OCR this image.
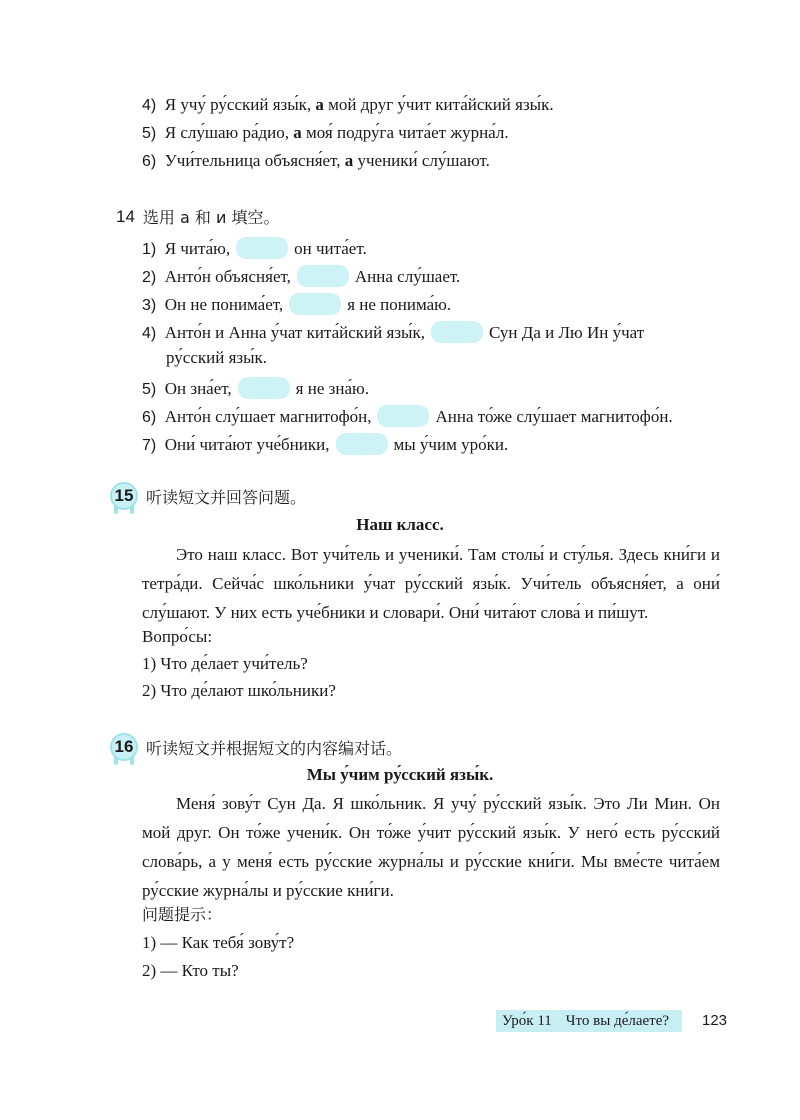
4) Я учу́ ру́сский язы́к, а мой друг у́чит кита́йский язы́к.
5) Я слу́шаю ра́дио, а моя́ подру́га чита́ет журна́л.
6) Учи́тельница объясня́ет, а ученики́ слу́шают.
14 选用 а 和 и 填空。
1) Я чита́ю,	он чита́ет.
2) Анто́н объясня́ет,	Анна слу́шает.
3) Он не понима́ет,	я не понима́ю.
4) Анто́н и Анна у́чат кита́йский язы́к,	Сун Да и Лю Ин у́чат
ру́сский язы́к.
5) Он зна́ет,	я не зна́ю.
6) Анто́н слу́шает магнитофо́н,	Анна то́же слу́шает магнитофо́н.
7) Они́ чита́ют уче́бники,	мы у́чим уро́ки.
15 听读短文并回答问题。
Наш класс.
Это наш класс. Вот учи́тель и ученики́. Там столы́ и сту́лья. Здесь кни́ги и тетра́ди. Сейча́с шко́льники у́чат ру́сский язы́к. Учи́тель объясня́ет, а они́ слу́шают. У них есть уче́бники и словари́. Они́ чита́ют слова́ и пи́шут.
Вопро́сы:
1) Что де́лает учи́тель?
2) Что де́лают шко́льники?
16 听读短文并根据短文的内容编对话。
Мы у́чим ру́сский язы́к.
Меня́ зову́т Сун Да. Я шко́льник. Я учу́ ру́сский язы́к. Это Ли Мин. Он мой друг. Он то́же учени́к. Он то́же у́чит ру́сский язы́к. У него́ есть ру́сский слова́рь, а у меня́ есть ру́сские журна́лы и ру́сские кни́ги. Мы вме́сте чита́ем ру́сские журна́лы и ру́сские кни́ги.
问题提示：
1) — Как тебя́ зову́т?
2) — Кто ты?
Уро́к 11 Что вы де́лаете? 123
